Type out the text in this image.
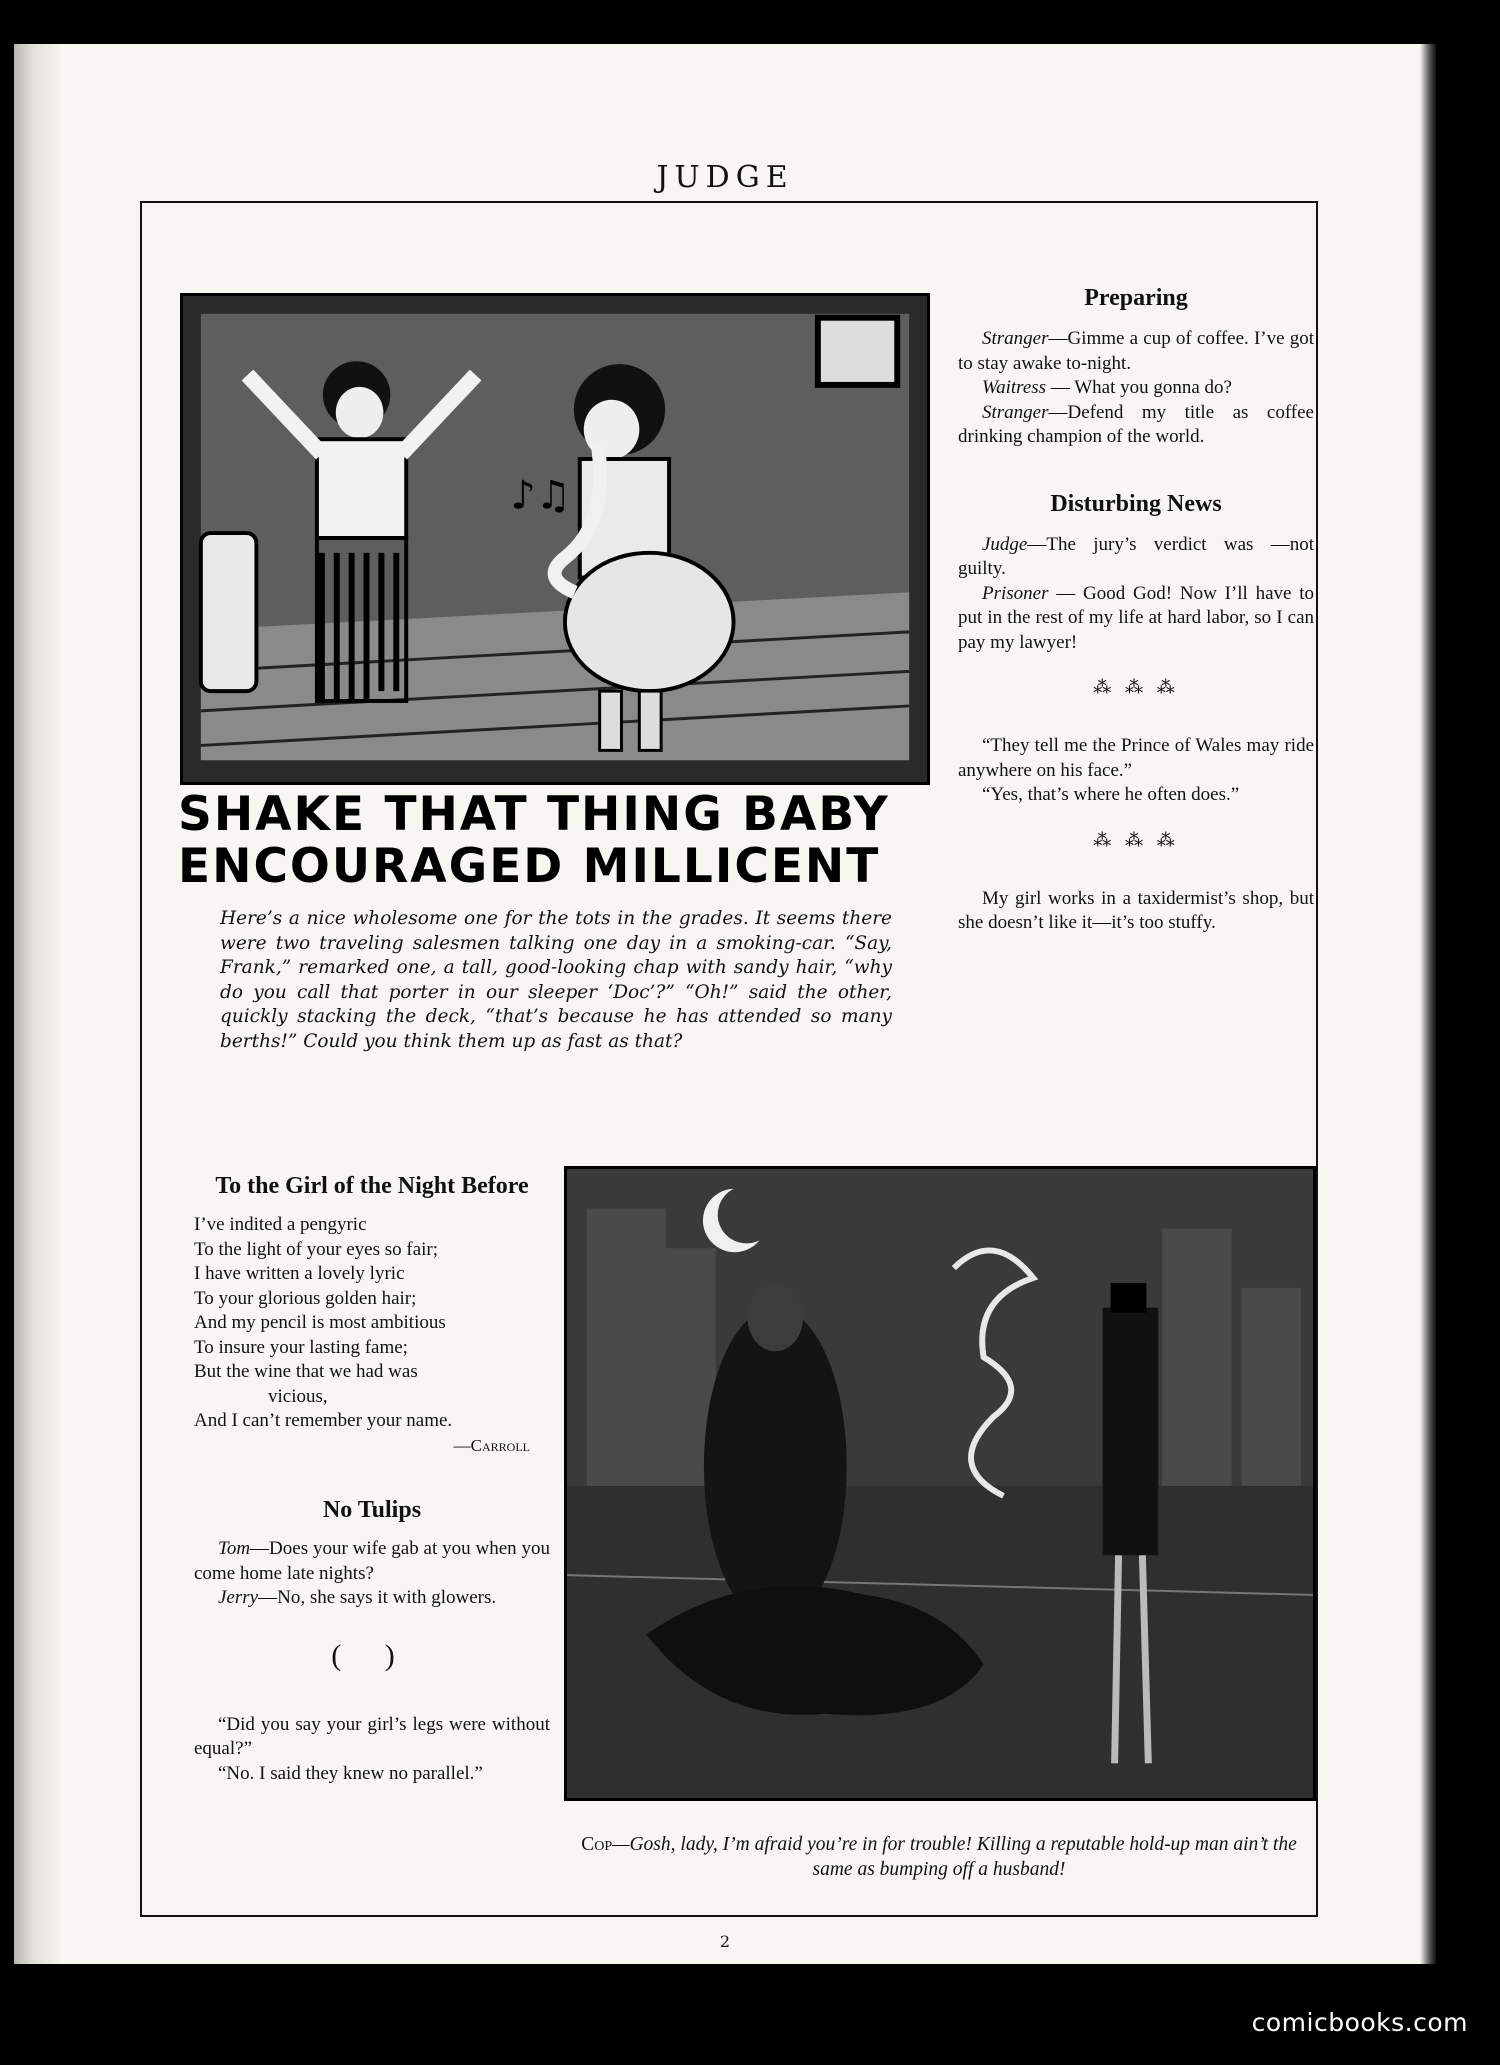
JUDGE
♪♫
SHAKE THAT THING BABY
ENCOURAGED MILLICENT
Here’s a nice wholesome one for the tots in the grades. It seems there were two traveling salesmen talking one day in a smoking-car. “Say, Frank,” remarked one, a tall, good-looking chap with sandy hair, “why do you call that porter in our sleeper ‘Doc’?” “Oh!” said the other, quickly stacking the deck, “that’s because he has attended so many berths!” Could you think them up as fast as that?
Preparing

Stranger—Gimme a cup of coffee. I’ve got to stay awake to-night.

Waitress — What you gonna do?

Stranger—Defend my title as coffee drinking champion of the world.

Disturbing News

Judge—The jury’s verdict was —not guilty.

Prisoner — Good God! Now I’ll have to put in the rest of my life at hard labor, so I can pay my lawyer!

⁂ ⁂ ⁂

“They tell me the Prince of Wales may ride anywhere on his face.”

“Yes, that’s where he often does.”

⁂ ⁂ ⁂

My girl works in a taxidermist’s shop, but she doesn’t like it—it’s too stuffy.

To the Girl of the Night Before
I’ve indited a pengyric
To the light of your eyes so fair;
I have written a lovely lyric
To your glorious golden hair;
And my pencil is most ambitious
To insure your lasting fame;
But the wine that we had was
vicious,
And I can’t remember your name.
—Carroll
No Tulips

Tom—Does your wife gab at you when you come home late nights?

Jerry—No, she says it with glowers.

( )

“Did you say your girl’s legs were without equal?”

“No. I said they knew no parallel.”

Cop—Gosh, lady, I’m afraid you’re in for trouble! Killing a reputable hold-up man ain’t the same as bumping off a husband!
2
comicbooks.com
